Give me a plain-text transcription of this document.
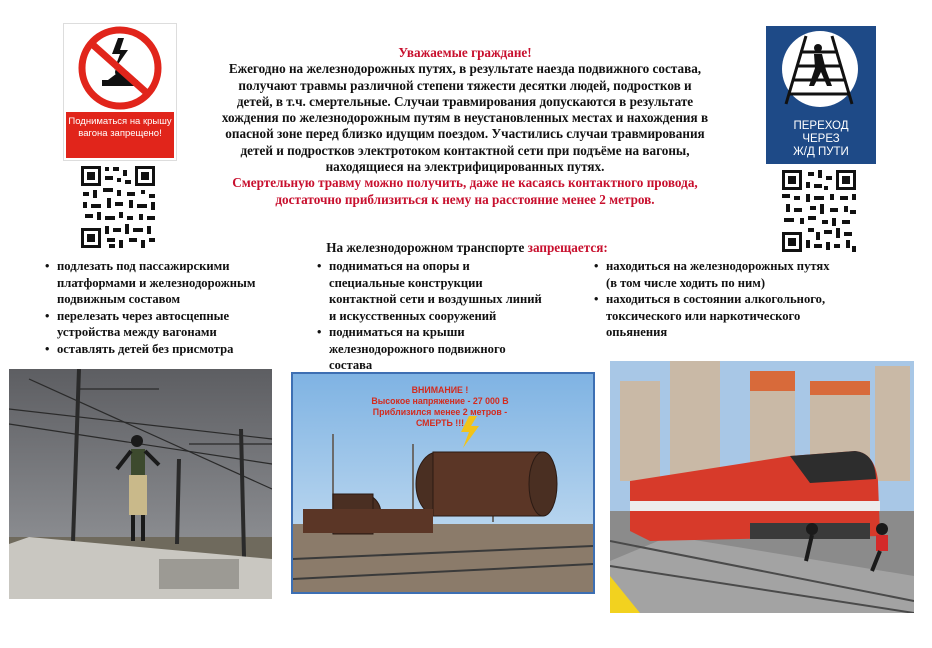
Подниматься на крышу вагона запрещено!
ПЕРЕХОД
ЧЕРЕЗ
Ж/Д ПУТИ
Уважаемые граждане!
Ежегодно на железнодорожных путях, в результате наезда подвижного состава, получают травмы различной степени тяжести десятки людей, подростков и детей, в т.ч. смертельные. Случаи травмирования допускаются в результате хождения по железнодорожным путям в неустановленных местах и нахождения в опасной зоне перед близко идущим поездом. Участились случаи травмирования детей и подростков электротоком контактной сети при подъёме на вагоны, находящиеся на электрифицированных путях.
Смертельную травму можно получить, даже не касаясь контактного провода, достаточно приблизиться к нему на расстояние менее 2 метров.
На железнодорожном транспорте запрещается:
• подлезать под пассажирскими платформами и железнодорожным подвижным составом
• перелезать через автосцепные устройства между вагонами
• оставлять детей без присмотра
• подниматься на опоры и специальные конструкции контактной сети и воздушных линий и искусственных сооружений
• подниматься на крыши железнодорожного подвижного состава
• находиться на железнодорожных путях (в том числе ходить по ним)
• находиться в состоянии алкогольного, токсического или наркотического опьянения
ВНИМАНИЕ !
Высокое напряжение - 27 000 В
Приблизился менее 2 метров - СМЕРТЬ !!!
